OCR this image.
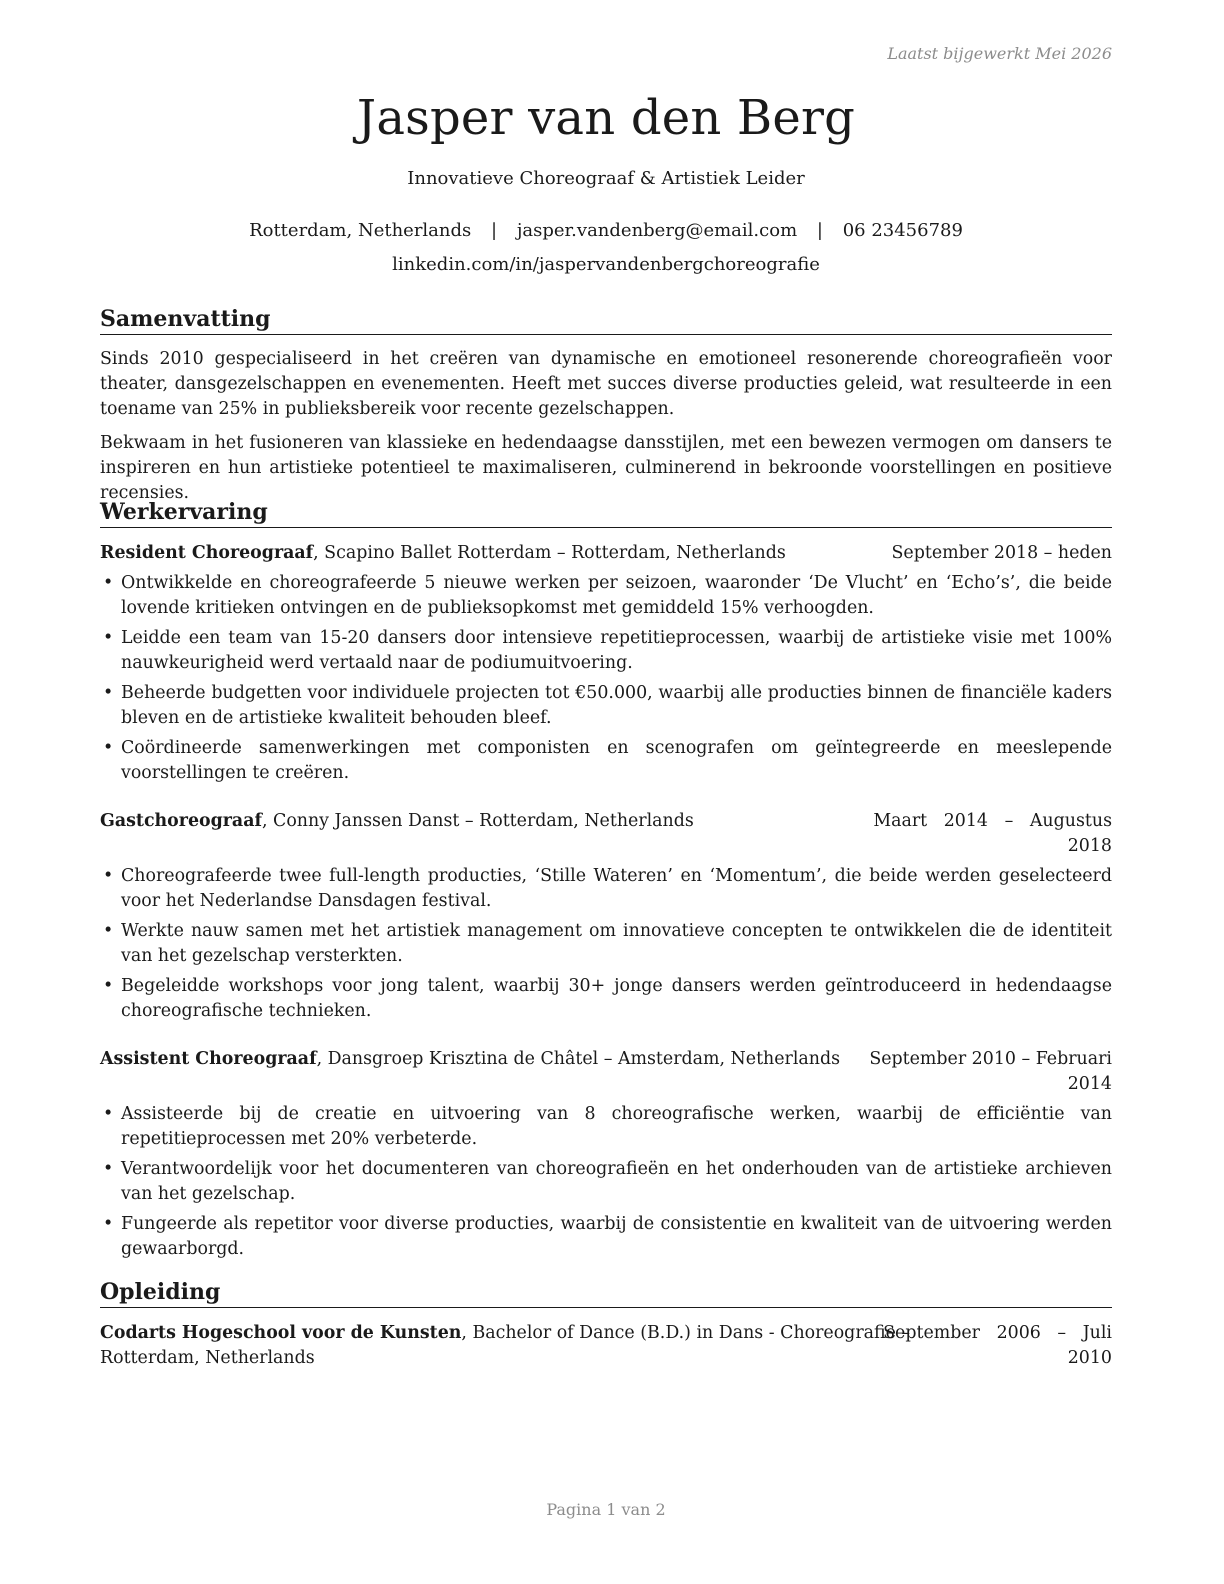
Laatst bijgewerkt Mei 2026
Jasper van den Berg
Innovatieve Choreograaf & Artistiek Leider
Rotterdam, Netherlands | jasper.vandenberg@email.com | 06 23456789
linkedin.com/in/jaspervandenbergchoreografie
Samenvatting

Sinds 2010 gespecialiseerd in het creëren van dynamische en emotioneel resonerende choreografieën voor theater, dansgezelschappen en evenementen. Heeft met succes diverse producties geleid, wat resulteerde in een toename van 25% in publieksbereik voor recente gezelschappen.

Bekwaam in het fusioneren van klassieke en hedendaagse dansstijlen, met een bewezen vermogen om dansers te inspireren en hun artistieke potentieel te maximaliseren, culminerend in bekroonde voorstellingen en positieve recensies.

Werkervaring
Resident Choreograaf, Scapino Ballet Rotterdam – Rotterdam, Netherlands	September 2018 – heden
• Ontwikkelde en choreografeerde 5 nieuwe werken per seizoen, waaronder ‘De Vlucht’ en ‘Echo’s’, die beide lovende kritieken ontvingen en de publieksopkomst met gemiddeld 15% verhoogden.
• Leidde een team van 15-20 dansers door intensieve repetitieprocessen, waarbij de artistieke visie met 100% nauwkeurigheid werd vertaald naar de podiumuitvoering.
• Beheerde budgetten voor individuele projecten tot €50.000, waarbij alle producties binnen de financiële kaders bleven en de artistieke kwaliteit behouden bleef.
• Coördineerde samenwerkingen met componisten en scenografen om geïntegreerde en meeslepende voorstellingen te creëren.
Gastchoreograaf, Conny Janssen Danst – Rotterdam, Netherlands	Maart   2014   –   Augustus
2018
• Choreografeerde twee full-length producties, ‘Stille Wateren’ en ‘Momentum’, die beide werden geselecteerd voor het Nederlandse Dansdagen festival.
• Werkte nauw samen met het artistiek management om innovatieve concepten te ontwikkelen die de identiteit van het gezelschap versterkten.
• Begeleidde workshops voor jong talent, waarbij 30+ jonge dansers werden geïntroduceerd in hedendaagse choreografische technieken.
Assistent Choreograaf, Dansgroep Krisztina de Châtel – Amsterdam, Netherlands September 2010 – Februari
2014
• Assisteerde bij de creatie en uitvoering van 8 choreografische werken, waarbij de efficiëntie van repetitieprocessen met 20% verbeterde.
• Verantwoordelijk voor het documenteren van choreografieën en het onderhouden van de artistieke archieven van het gezelschap.
• Fungeerde als repetitor voor diverse producties, waarbij de consistentie en kwaliteit van de uitvoering werden gewaarborgd.
Opleiding
Codarts Hogeschool voor de Kunsten, Bachelor of Dance (B.D.) in Dans - Choreografie –
Rotterdam, Netherlands
September   2006   –   Juli
2010
Pagina 1 van 2
